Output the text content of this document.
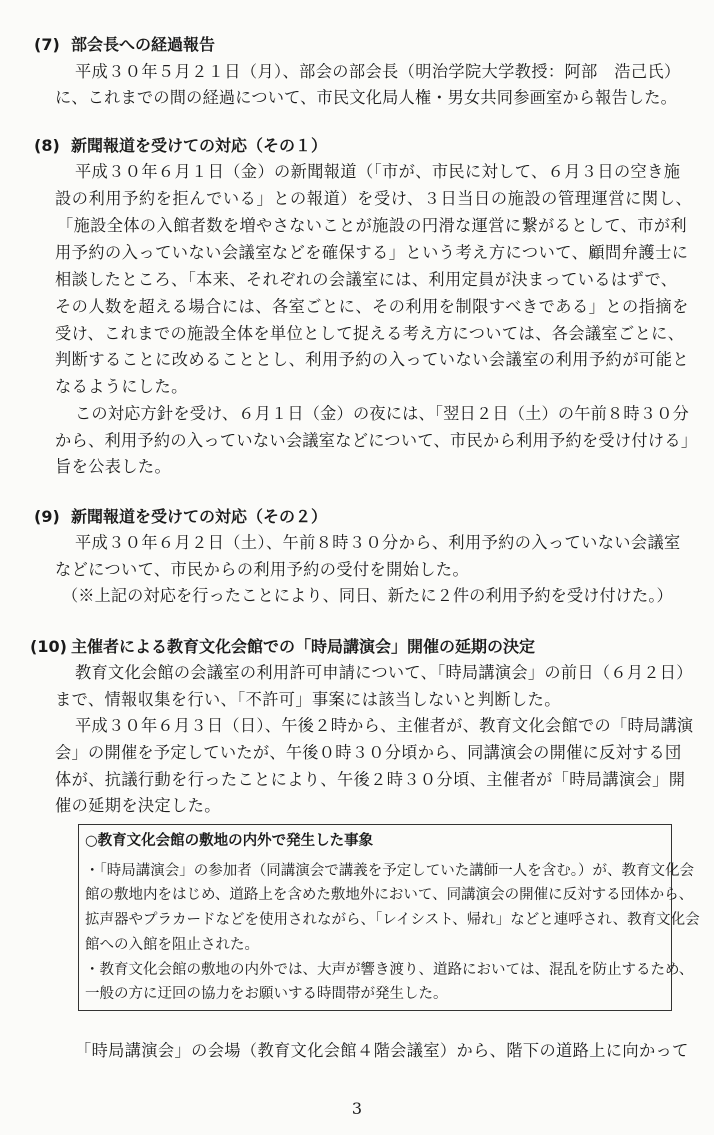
(7) 部会長への経過報告
平成３０年５月２１日（月）、部会の部会長（明治学院大学教授：阿部　浩己氏）
に、これまでの間の経過について、市民文化局人権・男女共同参画室から報告した。
(8) 新聞報道を受けての対応（その１）
平成３０年６月１日（金）の新聞報道（「市が、市民に対して、６月３日の空き施
設の利用予約を拒んでいる」との報道）を受け、３日当日の施設の管理運営に関し、
「施設全体の入館者数を増やさないことが施設の円滑な運営に繋がるとして、市が利
用予約の入っていない会議室などを確保する」という考え方について、顧問弁護士に
相談したところ、「本来、それぞれの会議室には、利用定員が決まっているはずで、
その人数を超える場合には、各室ごとに、その利用を制限すべきである」との指摘を
受け、これまでの施設全体を単位として捉える考え方については、各会議室ごとに、
判断することに改めることとし、利用予約の入っていない会議室の利用予約が可能と
なるようにした。
この対応方針を受け、６月１日（金）の夜には、「翌日２日（土）の午前８時３０分
から、利用予約の入っていない会議室などについて、市民から利用予約を受け付ける」
旨を公表した。
(9) 新聞報道を受けての対応（その２）
平成３０年６月２日（土）、午前８時３０分から、利用予約の入っていない会議室
などについて、市民からの利用予約の受付を開始した。
（※上記の対応を行ったことにより、同日、新たに２件の利用予約を受け付けた。）
(10) 主催者による教育文化会館での「時局講演会」開催の延期の決定
教育文化会館の会議室の利用許可申請について、「時局講演会」の前日（６月２日）
まで、情報収集を行い、「不許可」事案には該当しないと判断した。
平成３０年６月３日（日）、午後２時から、主催者が、教育文化会館での「時局講演
会」の開催を予定していたが、午後０時３０分頃から、同講演会の開催に反対する団
体が、抗議行動を行ったことにより、午後２時３０分頃、主催者が「時局講演会」開
催の延期を決定した。
○教育文化会館の敷地の内外で発生した事象
・「時局講演会」の参加者（同講演会で講義を予定していた講師一人を含む。）が、教育文化会
館の敷地内をはじめ、道路上を含めた敷地外において、同講演会の開催に反対する団体から、
拡声器やプラカードなどを使用されながら、「レイシスト、帰れ」などと連呼され、教育文化会
館への入館を阻止された。
・教育文化会館の敷地の内外では、大声が響き渡り、道路においては、混乱を防止するため、
一般の方に迂回の協力をお願いする時間帯が発生した。
「時局講演会」の会場（教育文化会館４階会議室）から、階下の道路上に向かって
3
